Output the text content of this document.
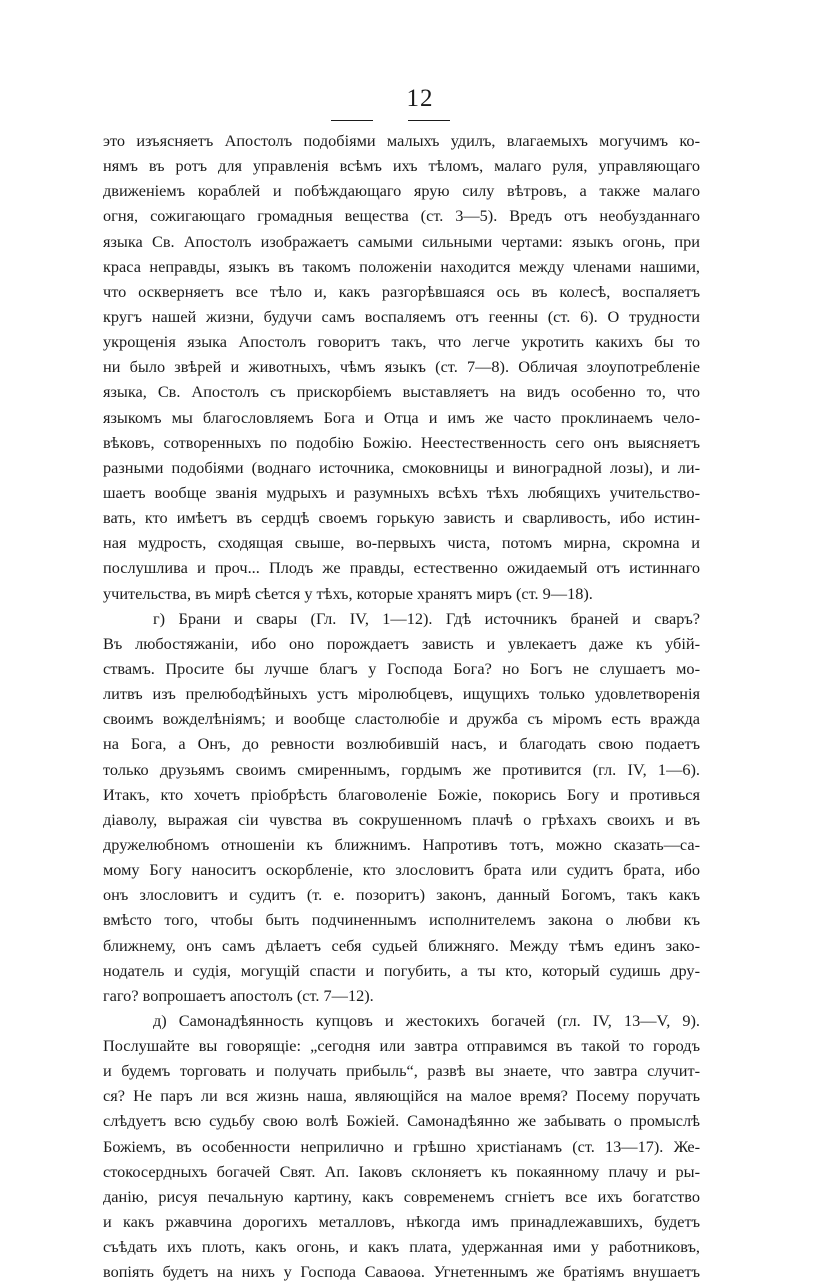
12
это изъясняетъ Апостолъ подобіями малыхъ удилъ, влагаемыхъ могучимъ ко-
нямъ въ ротъ для управленія всѣмъ ихъ тѣломъ, малаго руля, управляющаго
движеніемъ кораблей и побѣждающаго ярую силу вѣтровъ, а также малаго
огня, сожигающаго громадныя вещества (ст. 3—5). Вредъ отъ необузданнаго
языка Св. Апостолъ изображаетъ самыми сильными чертами: языкъ огонь, при
краса неправды, языкъ въ такомъ положеніи находится между членами нашими,
что оскверняетъ все тѣло и, какъ разгорѣвшаяся ось въ колесѣ, воспаляетъ
кругъ нашей жизни, будучи самъ воспаляемъ отъ геенны (ст. 6). О трудности
укрощенія языка Апостолъ говоритъ такъ, что легче укротить какихъ бы то
ни было звѣрей и животныхъ, чѣмъ языкъ (ст. 7—8). Обличая злоупотребленіе
языка, Св. Апостолъ съ прискорбіемъ выставляетъ на видъ особенно то, что
языкомъ мы благословляемъ Бога и Отца и имъ же часто проклинаемъ чело-
вѣковъ, сотворенныхъ по подобію Божію. Неестественность сего онъ выясняетъ
разными подобіями (воднаго источника, смоковницы и виноградной лозы), и ли-
шаетъ вообще званія мудрыхъ и разумныхъ всѣхъ тѣхъ любящихъ учительство-
вать, кто имѣетъ въ сердцѣ своемъ горькую зависть и сварливость, ибо истин-
ная мудрость, сходящая свыше, во-первыхъ чиста, потомъ мирна, скромна и
послушлива и проч... Плодъ же правды, естественно ожидаемый отъ истиннаго
учительства, въ мирѣ сѣется у тѣхъ, которые хранятъ миръ (ст. 9—18).
г) Брани и свары (Гл. IV, 1—12). Гдѣ источникъ браней и сваръ?
Въ любостяжаніи, ибо оно порождаетъ зависть и увлекаетъ даже къ убій-
ствамъ. Просите бы лучше благъ у Господа Бога? но Богъ не слушаетъ мо-
литвъ изъ прелюбодѣйныхъ устъ міролюбцевъ, ищущихъ только удовлетворенія
своимъ вожделѣніямъ; и вообще сластолюбіе и дружба съ міромъ есть вражда
на Бога, а Онъ, до ревности возлюбившій насъ, и благодать свою подаетъ
только друзьямъ своимъ смиреннымъ, гордымъ же противится (гл. IV, 1—6).
Итакъ, кто хочетъ пріобрѣсть благоволеніе Божіе, покорись Богу и противься
діаволу, выражая сіи чувства въ сокрушенномъ плачѣ о грѣхахъ своихъ и въ
дружелюбномъ отношеніи къ ближнимъ. Напротивъ тотъ, можно сказать—са-
мому Богу наноситъ оскорбленіе, кто злословитъ брата или судитъ брата, ибо
онъ злословитъ и судитъ (т. е. позоритъ) законъ, данный Богомъ, такъ какъ
вмѣсто того, чтобы быть подчиненнымъ исполнителемъ закона о любви къ
ближнему, онъ самъ дѣлаетъ себя судьей ближняго. Между тѣмъ единъ зако-
нодатель и судія, могущій спасти и погубить, а ты кто, который судишь дру-
гаго? вопрошаетъ апостолъ (ст. 7—12).
д) Самонадѣянность купцовъ и жестокихъ богачей (гл. IV, 13—V, 9).
Послушайте вы говорящіе: „сегодня или завтра отправимся въ такой то городъ
и будемъ торговать и получать прибыль“, развѣ вы знаете, что завтра случит-
ся? Не паръ ли вся жизнь наша, являющійся на малое время? Посему поручать
слѣдуетъ всю судьбу свою волѣ Божіей. Самонадѣянно же забывать о промыслѣ
Божіемъ, въ особенности неприлично и грѣшно христіанамъ (ст. 13—17). Же-
стокосердныхъ богачей Свят. Ап. Іаковъ склоняетъ къ покаянному плачу и ры-
данію, рисуя печальную картину, какъ современемъ сгніетъ все ихъ богатство
и какъ ржавчина дорогихъ металловъ, нѣкогда имъ принадлежавшихъ, будетъ
съѣдать ихъ плоть, какъ огонь, и какъ плата, удержанная ими у работниковъ,
вопіять будетъ на нихъ у Господа Саваоѳа. Угнетеннымъ же братіямъ внушаетъ
